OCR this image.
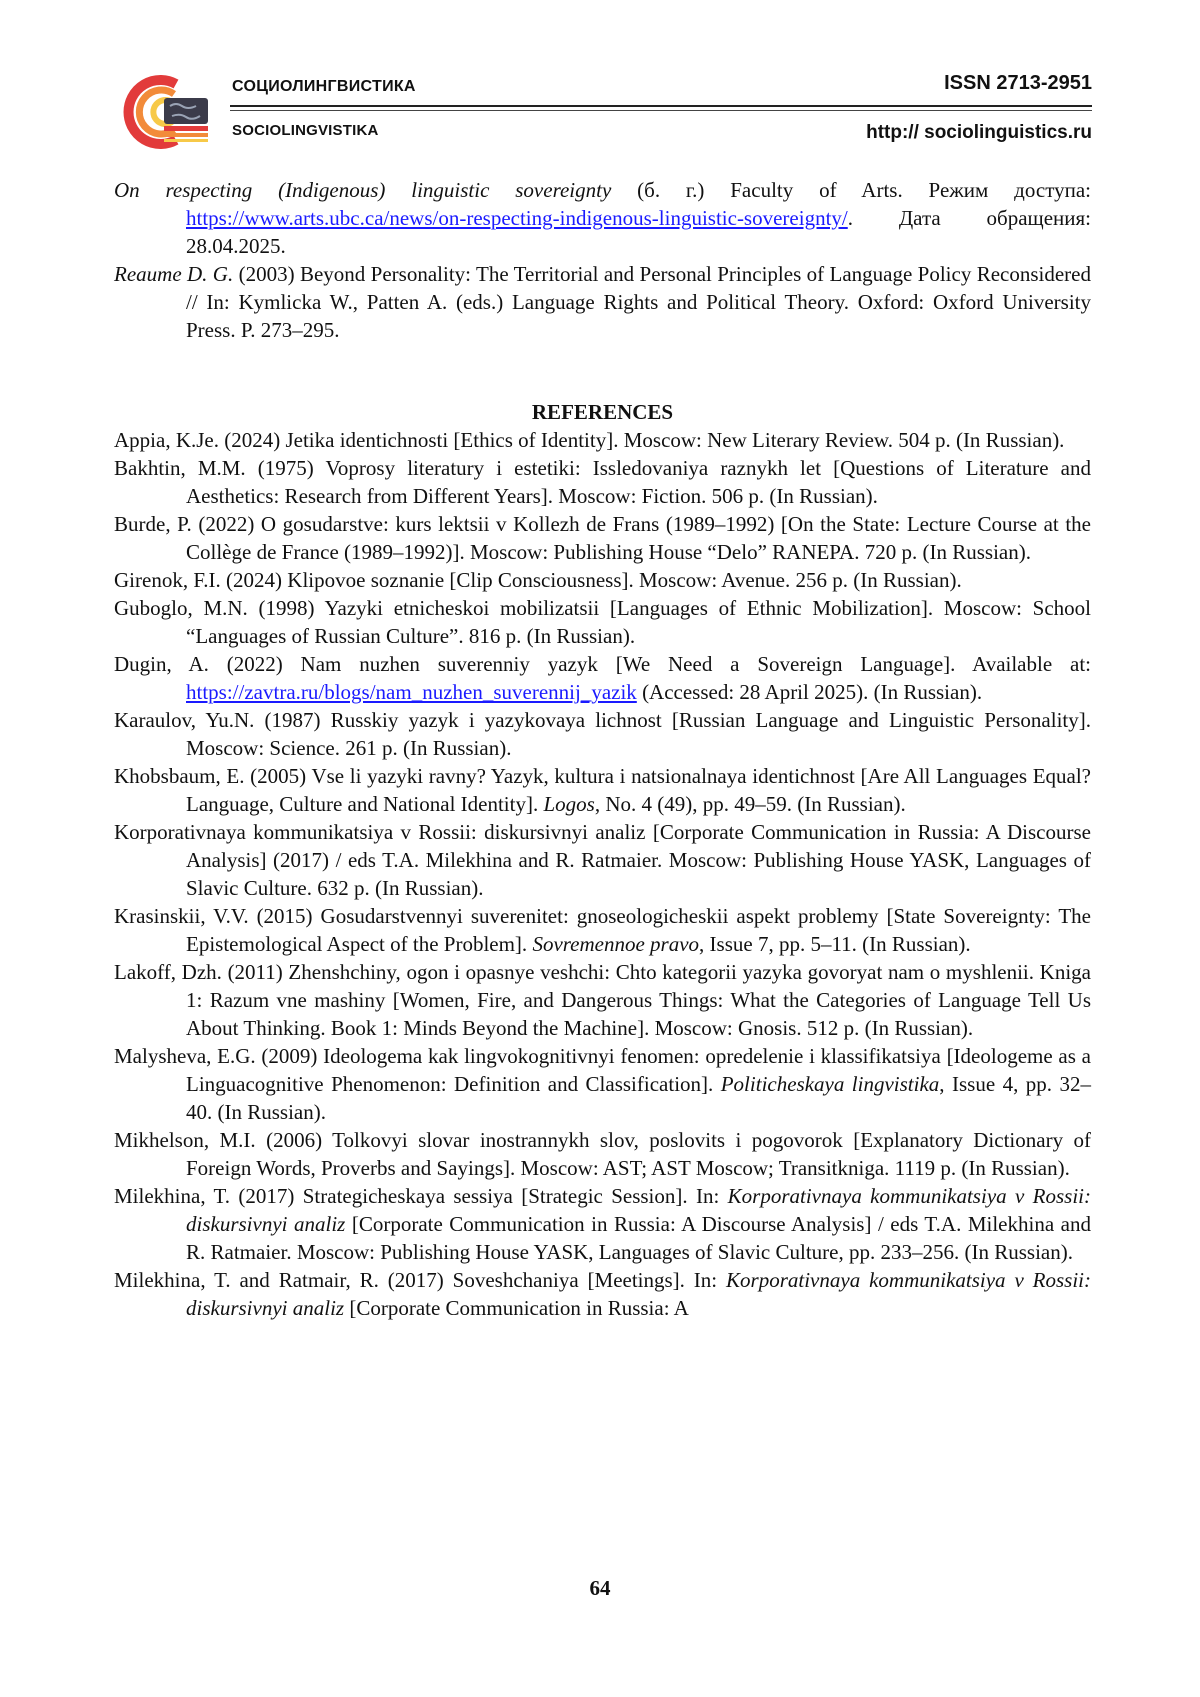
СОЦИОЛИНГВИСТИКА
SOCIOLINGVISTIKA
ISSN 2713-2951
http:// sociolinguistics.ru

On respecting (Indigenous) linguistic sovereignty (б. г.) Faculty of Arts. Режим доступа: https://www.arts.ubc.ca/news/on-respecting-indigenous-linguistic-sovereignty/. Дата обращения: 28.04.2025.

Reaume D. G. (2003) Beyond Personality: The Territorial and Personal Principles of Language Policy Reconsidered // In: Kymlicka W., Patten A. (eds.) Language Rights and Political Theory. Oxford: Oxford University Press. P. 273–295.

REFERENCES

Appia, K.Je. (2024) Jetika identichnosti [Ethics of Identity]. Moscow: New Literary Review. 504 p. (In Russian).

Bakhtin, M.M. (1975) Voprosy literatury i estetiki: Issledovaniya raznykh let [Questions of Literature and Aesthetics: Research from Different Years]. Moscow: Fiction. 506 p. (In Russian).

Burde, P. (2022) O gosudarstve: kurs lektsii v Kollezh de Frans (1989–1992) [On the State: Lecture Course at the Collège de France (1989–1992)]. Moscow: Publishing House “Delo” RANEPA. 720 p. (In Russian).

Girenok, F.I. (2024) Klipovoe soznanie [Clip Consciousness]. Moscow: Avenue. 256 p. (In Russian).

Guboglo, M.N. (1998) Yazyki etnicheskoi mobilizatsii [Languages of Ethnic Mobilization]. Moscow: School “Languages of Russian Culture”. 816 p. (In Russian).

Dugin, A. (2022) Nam nuzhen suverenniy yazyk [We Need a Sovereign Language]. Available at: https://zavtra.ru/blogs/nam_nuzhen_suverennij_yazik (Accessed: 28 April 2025). (In Russian).

Karaulov, Yu.N. (1987) Russkiy yazyk i yazykovaya lichnost [Russian Language and Linguistic Personality]. Moscow: Science. 261 p. (In Russian).

Khobsbaum, E. (2005) Vse li yazyki ravny? Yazyk, kultura i natsionalnaya identichnost [Are All Languages Equal? Language, Culture and National Identity]. Logos, No. 4 (49), pp. 49–59. (In Russian).

Korporativnaya kommunikatsiya v Rossii: diskursivnyi analiz [Corporate Communication in Russia: A Discourse Analysis] (2017) / eds T.A. Milekhina and R. Ratmaier. Moscow: Publishing House YASK, Languages of Slavic Culture. 632 p. (In Russian).

Krasinskii, V.V. (2015) Gosudarstvennyi suverenitet: gnoseologicheskii aspekt problemy [State Sovereignty: The Epistemological Aspect of the Problem]. Sovremennoe pravo, Issue 7, pp. 5–11. (In Russian).

Lakoff, Dzh. (2011) Zhenshchiny, ogon i opasnye veshchi: Chto kategorii yazyka govoryat nam o myshlenii. Kniga 1: Razum vne mashiny [Women, Fire, and Dangerous Things: What the Categories of Language Tell Us About Thinking. Book 1: Minds Beyond the Machine]. Moscow: Gnosis. 512 p. (In Russian).

Malysheva, E.G. (2009) Ideologema kak lingvokognitivnyi fenomen: opredelenie i klassifikatsiya [Ideologeme as a Linguacognitive Phenomenon: Definition and Classification]. Politicheskaya lingvistika, Issue 4, pp. 32–40. (In Russian).

Mikhelson, M.I. (2006) Tolkovyi slovar inostrannykh slov, poslovits i pogovorok [Explanatory Dictionary of Foreign Words, Proverbs and Sayings]. Moscow: AST; AST Moscow; Transitkniga. 1119 p. (In Russian).

Milekhina, T. (2017) Strategicheskaya sessiya [Strategic Session]. In: Korporativnaya kommunikatsiya v Rossii: diskursivnyi analiz [Corporate Communication in Russia: A Discourse Analysis] / eds T.A. Milekhina and R. Ratmaier. Moscow: Publishing House YASK, Languages of Slavic Culture, pp. 233–256. (In Russian).

Milekhina, T. and Ratmair, R. (2017) Soveshchaniya [Meetings]. In: Korporativnaya kommunikatsiya v Rossii: diskursivnyi analiz [Corporate Communication in Russia: A

64
